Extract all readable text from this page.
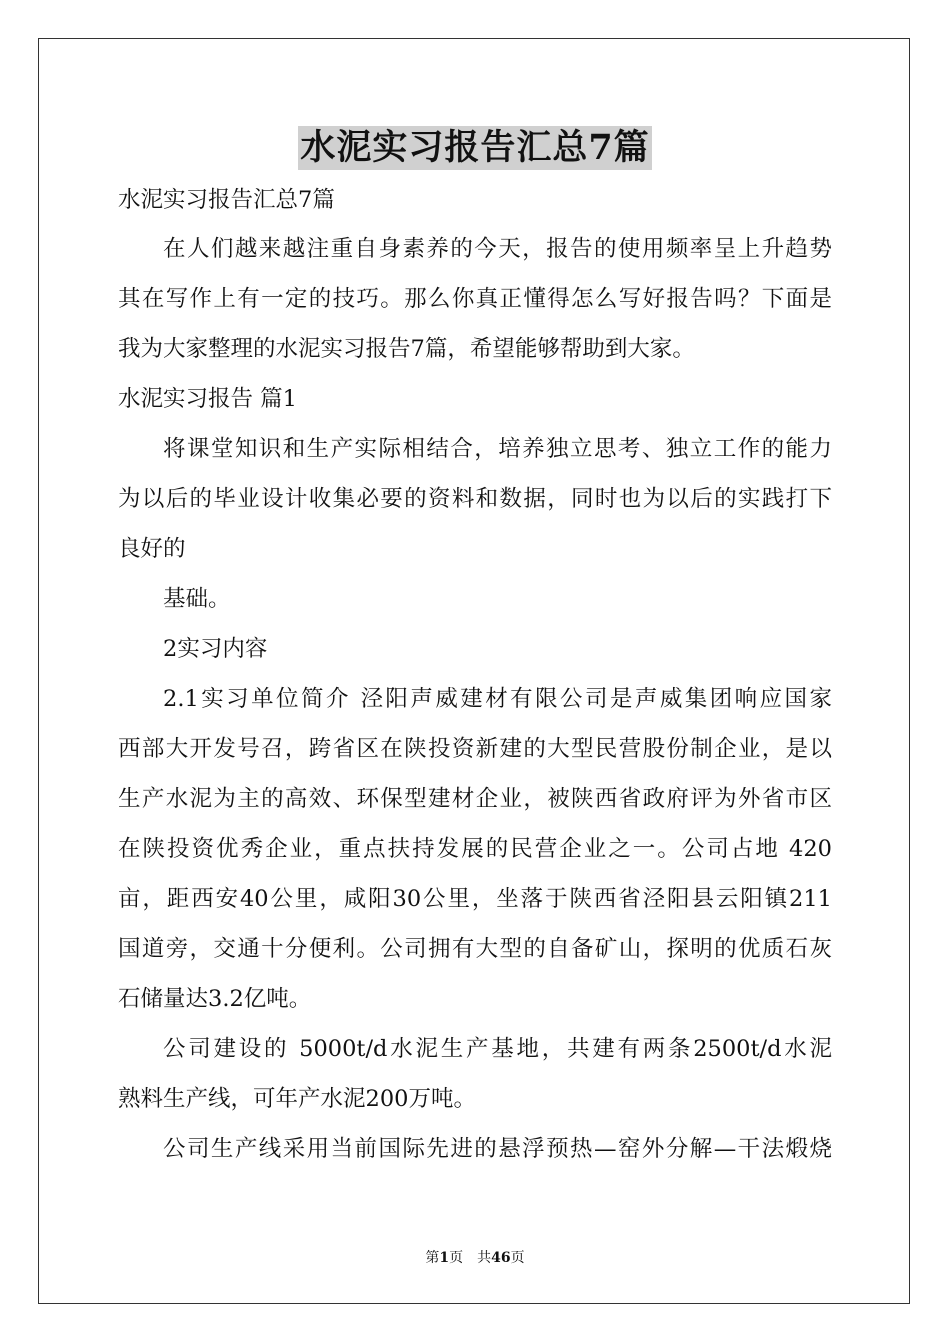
水泥实习报告汇总7篇
水泥实习报告汇总7篇
在人们越来越注重自身素养的今天，报告的使用频率呈上升趋势
其在写作上有一定的技巧。那么你真正懂得怎么写好报告吗？下面是
我为大家整理的水泥实习报告7篇，希望能够帮助到大家。
水泥实习报告 篇1
将课堂知识和生产实际相结合，培养独立思考、独立工作的能力
为以后的毕业设计收集必要的资料和数据，同时也为以后的实践打下
良好的
基础。
2实习内容
2.1实习单位简介 泾阳声威建材有限公司是声威集团响应国家
西部大开发号召，跨省区在陕投资新建的大型民营股份制企业，是以
生产水泥为主的高效、环保型建材企业，被陕西省政府评为外省市区
在陕投资优秀企业，重点扶持发展的民营企业之一。公司占地 420
亩，距西安40公里，咸阳30公里，坐落于陕西省泾阳县云阳镇211
国道旁，交通十分便利。公司拥有大型的自备矿山，探明的优质石灰
石储量达3.2亿吨。
公司建设的 5000t/d水泥生产基地，共建有两条2500t/d水泥
熟料生产线，可年产水泥200万吨。
公司生产线采用当前国际先进的悬浮预热—窑外分解—干法煅烧
第1页　共46页
